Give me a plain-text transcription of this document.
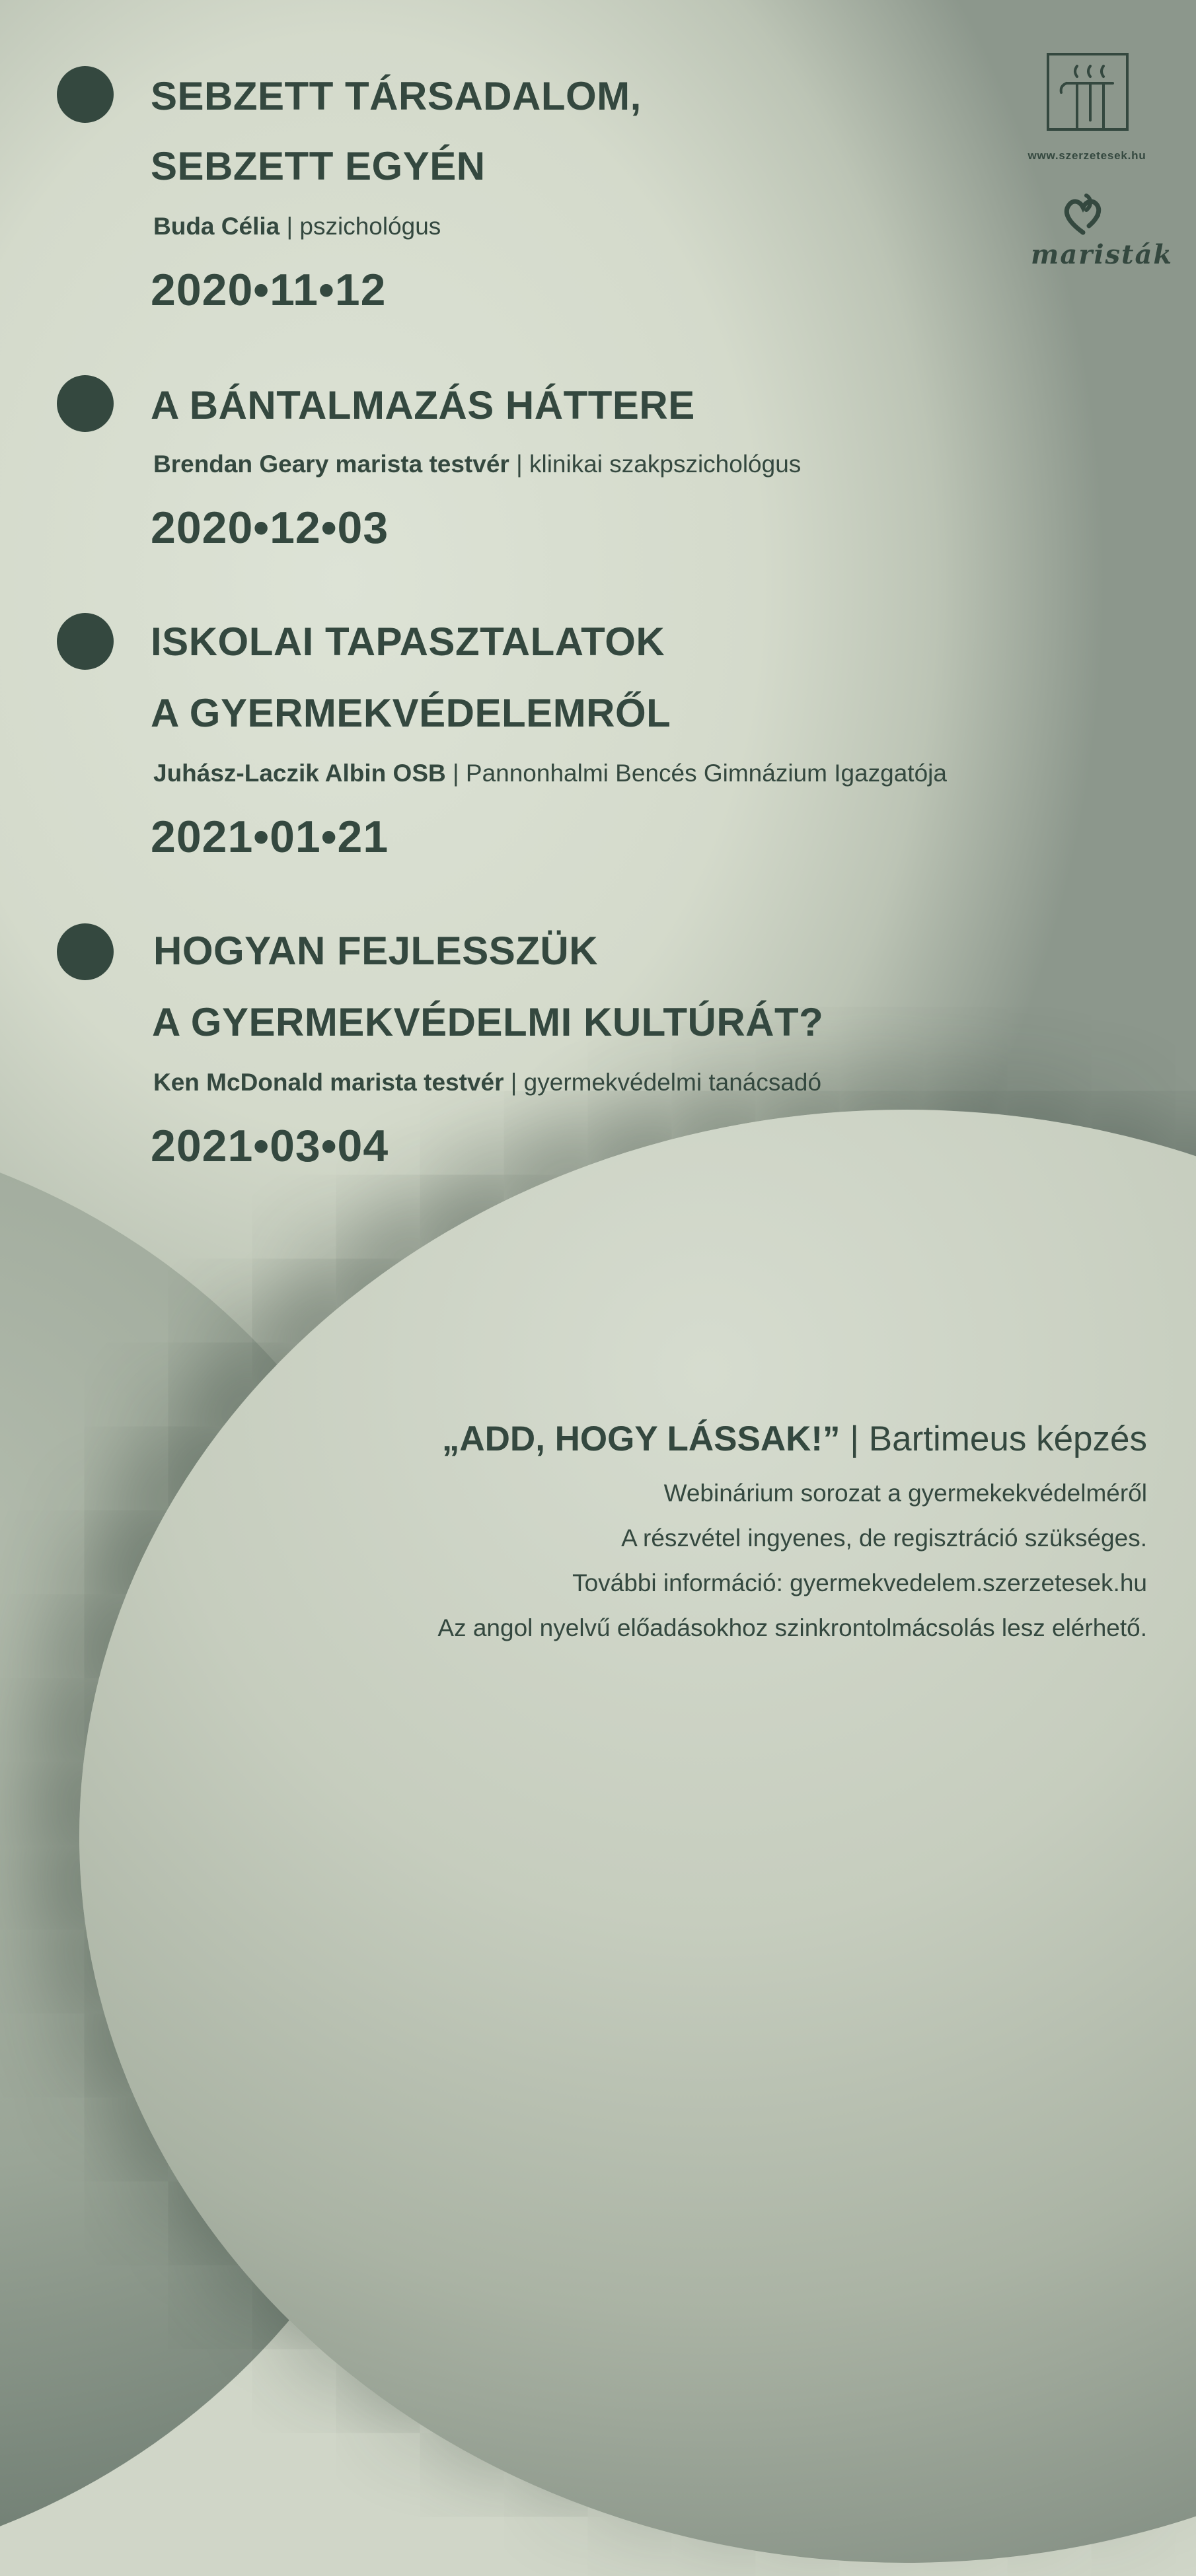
SEBZETT TÁRSADALOM,
SEBZETT EGYÉN
Buda Célia | pszichológus
2020•11•12
A BÁNTALMAZÁS HÁTTERE
Brendan Geary marista testvér | klinikai szakpszichológus
2020•12•03
ISKOLAI TAPASZTALATOK
A GYERMEKVÉDELEMRŐL
Juhász-Laczik Albin OSB | Pannonhalmi Bencés Gimnázium Igazgatója
2021•01•21
HOGYAN FEJLESSZÜK
A GYERMEKVÉDELMI KULTÚRÁT?
Ken McDonald marista testvér | gyermekvédelmi tanácsadó
2021•03•04
www.szerzetesek.hu
maristák
„ADD, HOGY LÁSSAK!” | Bartimeus képzés
Webinárium sorozat a gyermekekvédelméről
A részvétel ingyenes, de regisztráció szükséges.
További információ: gyermekvedelem.szerzetesek.hu
Az angol nyelvű előadásokhoz szinkrontolmácsolás lesz elérhető.
